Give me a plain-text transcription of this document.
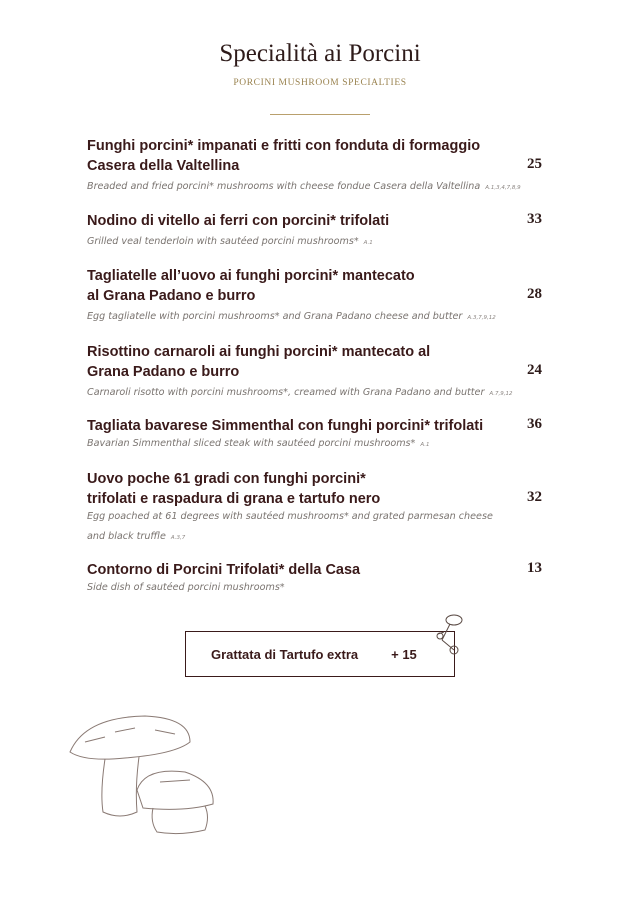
Specialità ai Porcini
PORCINI MUSHROOM SPECIALTIES
Funghi porcini* impanati e fritti con fonduta di formaggio Casera della Valtellina	25
Breaded and fried porcini* mushrooms with cheese fondue Casera della Valtellina A.1,3,4,7,8,9
Nodino di vitello ai ferri con porcini* trifolati	33
Grilled veal tenderloin with sautéed porcini mushrooms* A.1
Tagliatelle all’uovo ai funghi porcini* mantecato al Grana Padano e burro	28
Egg tagliatelle with porcini mushrooms* and Grana Padano cheese and butter A.3,7,9,12
Risottino carnaroli ai funghi porcini* mantecato al Grana Padano e burro	24
Carnaroli risotto with porcini mushrooms*, creamed with Grana Padano and butter A.7,9,12
Tagliata bavarese Simmenthal con funghi porcini* trifolati	36
Bavarian Simmenthal sliced steak with sautéed porcini mushrooms* A.1
Uovo poche 61 gradi con funghi porcini* trifolati e raspadura di grana e tartufo nero	32
Egg poached at 61 degrees with sautéed mushrooms* and grated parmesan cheese and black truffle A.3,7
Contorno di Porcini Trifolati* della Casa	13
Side dish of sautéed porcini mushrooms*
Grattata di Tartufo extra	+ 15
